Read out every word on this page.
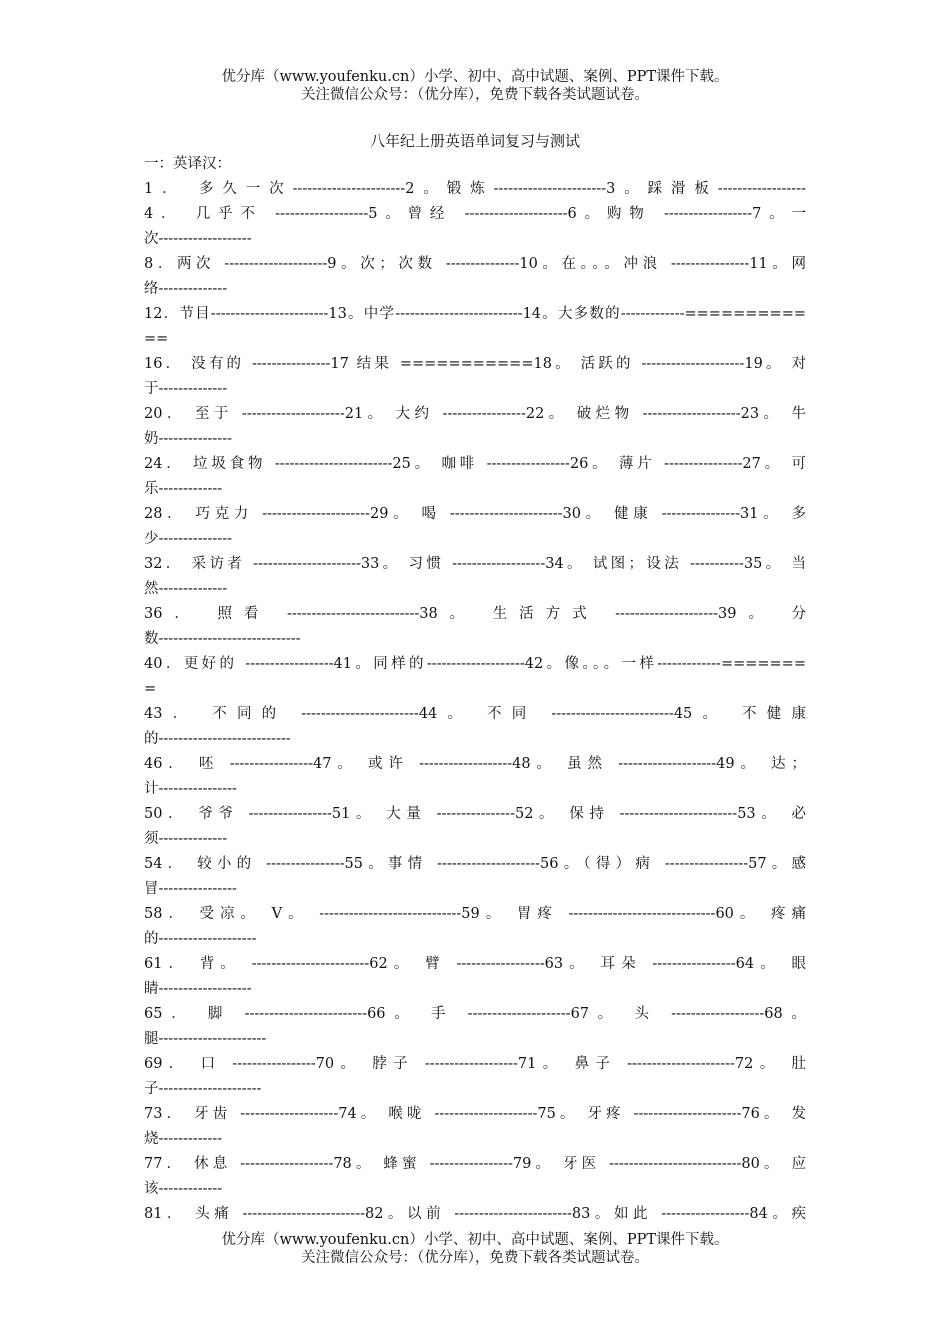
优分库（www.youfenku.cn）小学、初中、高中试题、案例、PPT课件下载。
关注微信公众号：（优分库），免费下载各类试题试卷。
八年纪上册英语单词复习与测试
一：英译汉：
1． 多久一次-----------------------2。锻炼-----------------------3。踩滑板------------------
4． 几乎不 -------------------5。曾经 ---------------------6。购物 ------------------7。一
次-------------------
8．两次 ---------------------9。次；次数 ---------------10。在。。。冲浪 ----------------11。网
络--------------
12．节目------------------------13。中学--------------------------14。大多数的-------------==========
==
16． 没有的 ----------------17 结果 ===========18。 活跃的 ---------------------19。 对
于--------------
20． 至于 ---------------------21。 大约 -----------------22。 破烂物 --------------------23。 牛
奶---------------
24． 垃圾食物 ------------------------25。 咖啡 -----------------26。 薄片 ----------------27。 可
乐-------------
28． 巧克力 ----------------------29。 喝 -----------------------30。 健康 ----------------31。 多
少---------------
32． 采访者 ----------------------33。 习惯 -------------------34。 试图；设法 -----------35。 当
然--------------
36． 照看 ---------------------------38。 生活方式 ---------------------39。 分
数-----------------------------
40．更好的 ------------------41。同样的--------------------42。像。。。一样-------------=======
=
43． 不同的 ------------------------44。 不同 -------------------------45。 不健康
的---------------------------
46． 呸 -----------------47。 或许 -------------------48。 虽然 --------------------49。 达；
计----------------
50． 爷爷 -----------------51。 大量 ----------------52。 保持 ------------------------53。 必
须--------------
54． 较小的 ----------------55。事情 ---------------------56。（得）病 -----------------57。感
冒----------------
58． 受凉。 V。 -----------------------------59。 胃疼 ------------------------------60。 疼痛
的--------------------
61． 背。 ------------------------62。 臂 ------------------63。 耳朵 -----------------64。 眼
睛-------------------
65． 脚 -------------------------66。 手 ---------------------67。 头 -------------------68。
腿----------------------
69． 口 -----------------70。 脖子 -------------------71。 鼻子 ----------------------72。 肚
子---------------------
73． 牙齿 --------------------74。 喉咙 ---------------------75。 牙疼 ----------------------76。 发
烧-------------
77． 休息 -------------------78。 蜂蜜 -----------------79。 牙医 ---------------------------80。 应
该-------------
81． 头痛 -------------------------82。以前 ------------------------83。如此 ------------------84。疾
优分库（www.youfenku.cn）小学、初中、高中试题、案例、PPT课件下载。
关注微信公众号：（优分库），免费下载各类试题试卷。
